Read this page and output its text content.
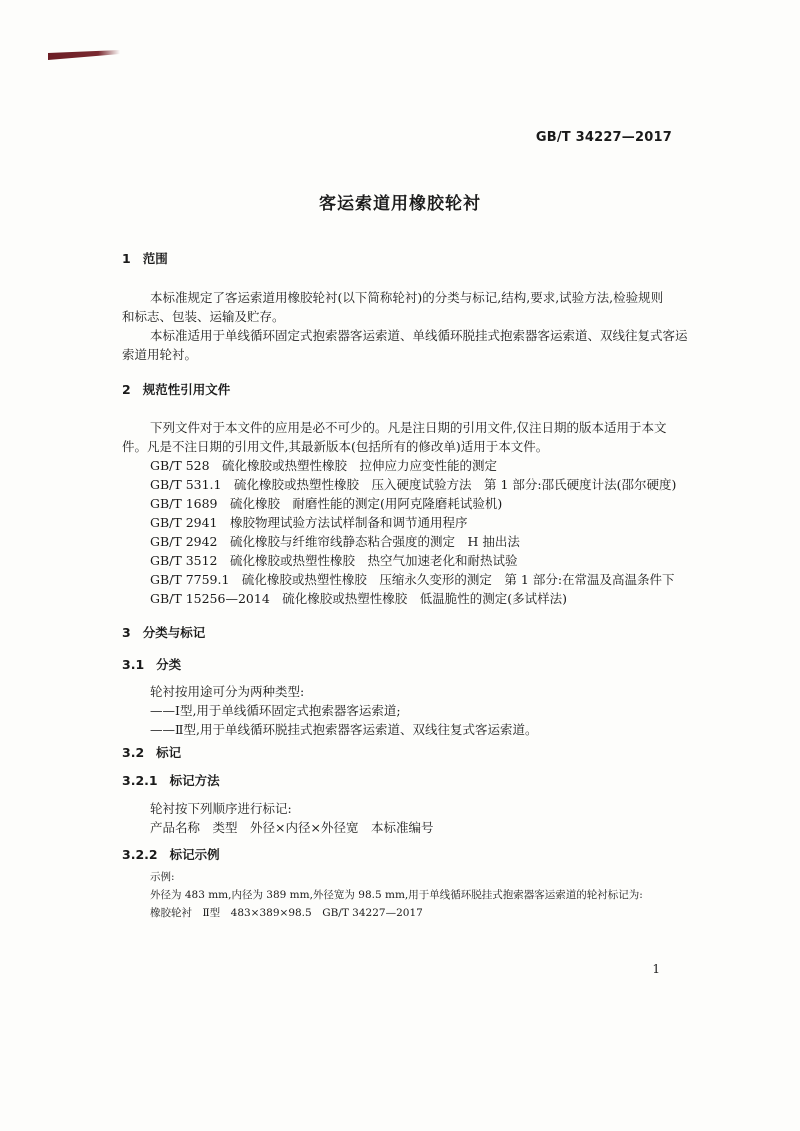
GB/T 34227—2017
客运索道用橡胶轮衬
1 范围
本标准规定了客运索道用橡胶轮衬(以下简称轮衬)的分类与标记,结构,要求,试验方法,检验规则
和标志、包装、运输及贮存。
本标准适用于单线循环固定式抱索器客运索道、单线循环脱挂式抱索器客运索道、双线往复式客运
索道用轮衬。
2 规范性引用文件
下列文件对于本文件的应用是必不可少的。凡是注日期的引用文件,仅注日期的版本适用于本文
件。凡是不注日期的引用文件,其最新版本(包括所有的修改单)适用于本文件。
GB/T 528　硫化橡胶或热塑性橡胶　拉伸应力应变性能的测定
GB/T 531.1　硫化橡胶或热塑性橡胶　压入硬度试验方法　第 1 部分:邵氏硬度计法(邵尔硬度)
GB/T 1689　硫化橡胶　耐磨性能的测定(用阿克隆磨耗试验机)
GB/T 2941　橡胶物理试验方法试样制备和调节通用程序
GB/T 2942　硫化橡胶与纤维帘线静态粘合强度的测定　H 抽出法
GB/T 3512　硫化橡胶或热塑性橡胶　热空气加速老化和耐热试验
GB/T 7759.1　硫化橡胶或热塑性橡胶　压缩永久变形的测定　第 1 部分:在常温及高温条件下
GB/T 15256—2014　硫化橡胶或热塑性橡胶　低温脆性的测定(多试样法)
3 分类与标记
3.1 分类
轮衬按用途可分为两种类型:
——Ⅰ型,用于单线循环固定式抱索器客运索道;
——Ⅱ型,用于单线循环脱挂式抱索器客运索道、双线往复式客运索道。
3.2 标记
3.2.1 标记方法
轮衬按下列顺序进行标记:
产品名称　类型　外径×内径×外径宽　本标准编号
3.2.2 标记示例
示例:
外径为 483 mm,内径为 389 mm,外径宽为 98.5 mm,用于单线循环脱挂式抱索器客运索道的轮衬标记为:
橡胶轮衬　Ⅱ型　483×389×98.5　GB/T 34227—2017
1
